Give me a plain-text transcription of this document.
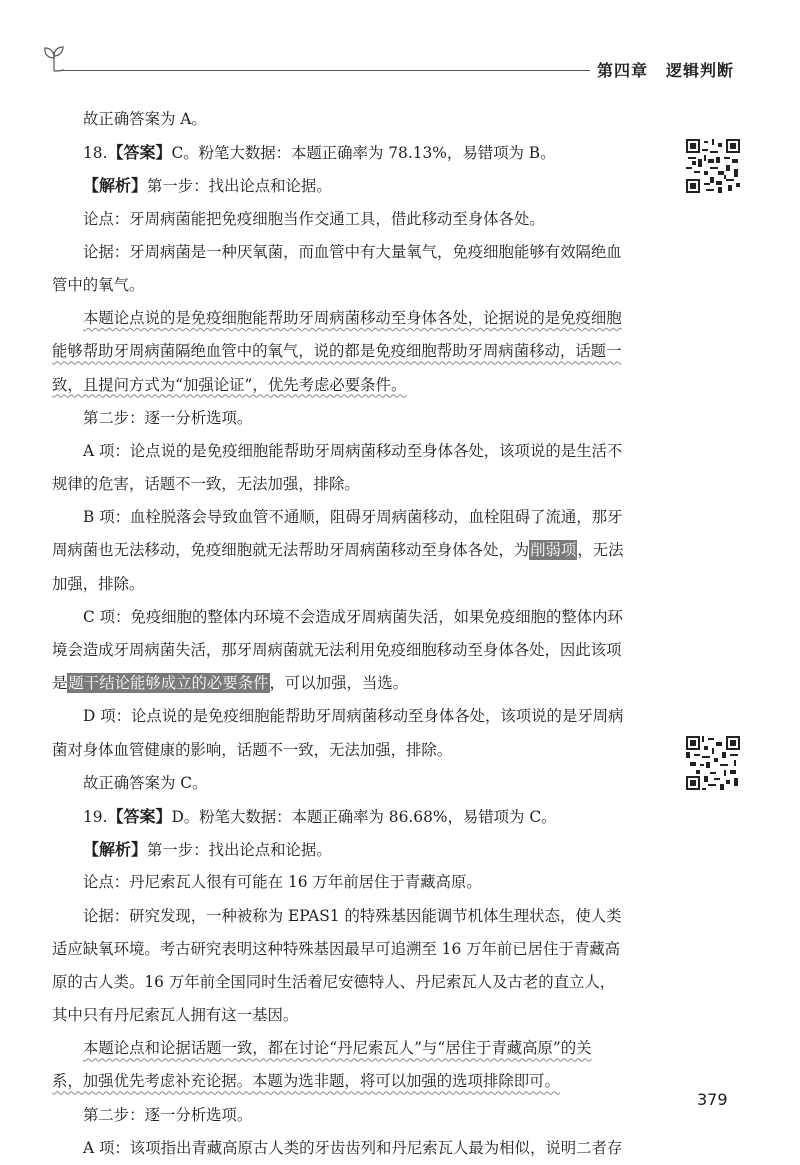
第四章 逻辑判断
故正确答案为 A。
18.【答案】C。粉笔大数据：本题正确率为 78.13%，易错项为 B。
【解析】第一步：找出论点和论据。
论点：牙周病菌能把免疫细胞当作交通工具，借此移动至身体各处。
论据：牙周病菌是一种厌氧菌，而血管中有大量氧气，免疫细胞能够有效隔绝血
管中的氧气。
本题论点说的是免疫细胞能帮助牙周病菌移动至身体各处，论据说的是免疫细胞
能够帮助牙周病菌隔绝血管中的氧气，说的都是免疫细胞帮助牙周病菌移动，话题一
致，且提问方式为“加强论证”，优先考虑必要条件。
第二步：逐一分析选项。
A 项：论点说的是免疫细胞能帮助牙周病菌移动至身体各处，该项说的是生活不
规律的危害，话题不一致，无法加强，排除。
B 项：血栓脱落会导致血管不通顺，阻碍牙周病菌移动，血栓阻碍了流通，那牙
周病菌也无法移动，免疫细胞就无法帮助牙周病菌移动至身体各处，为削弱项，无法
加强，排除。
C 项：免疫细胞的整体内环境不会造成牙周病菌失活，如果免疫细胞的整体内环
境会造成牙周病菌失活，那牙周病菌就无法利用免疫细胞移动至身体各处，因此该项
是题干结论能够成立的必要条件，可以加强，当选。
D 项：论点说的是免疫细胞能帮助牙周病菌移动至身体各处，该项说的是牙周病
菌对身体血管健康的影响，话题不一致，无法加强，排除。
故正确答案为 C。
19.【答案】D。粉笔大数据：本题正确率为 86.68%，易错项为 C。
【解析】第一步：找出论点和论据。
论点：丹尼索瓦人很有可能在 16 万年前居住于青藏高原。
论据：研究发现，一种被称为 EPAS1 的特殊基因能调节机体生理状态，使人类
适应缺氧环境。考古研究表明这种特殊基因最早可追溯至 16 万年前已居住于青藏高
原的古人类。16 万年前全国同时生活着尼安德特人、丹尼索瓦人及古老的直立人，
其中只有丹尼索瓦人拥有这一基因。
本题论点和论据话题一致，都在讨论“丹尼索瓦人”与“居住于青藏高原”的关
系，加强优先考虑补充论据。本题为选非题，将可以加强的选项排除即可。
第二步：逐一分析选项。
A 项：该项指出青藏高原古人类的牙齿齿列和丹尼索瓦人最为相似，说明二者存
379
